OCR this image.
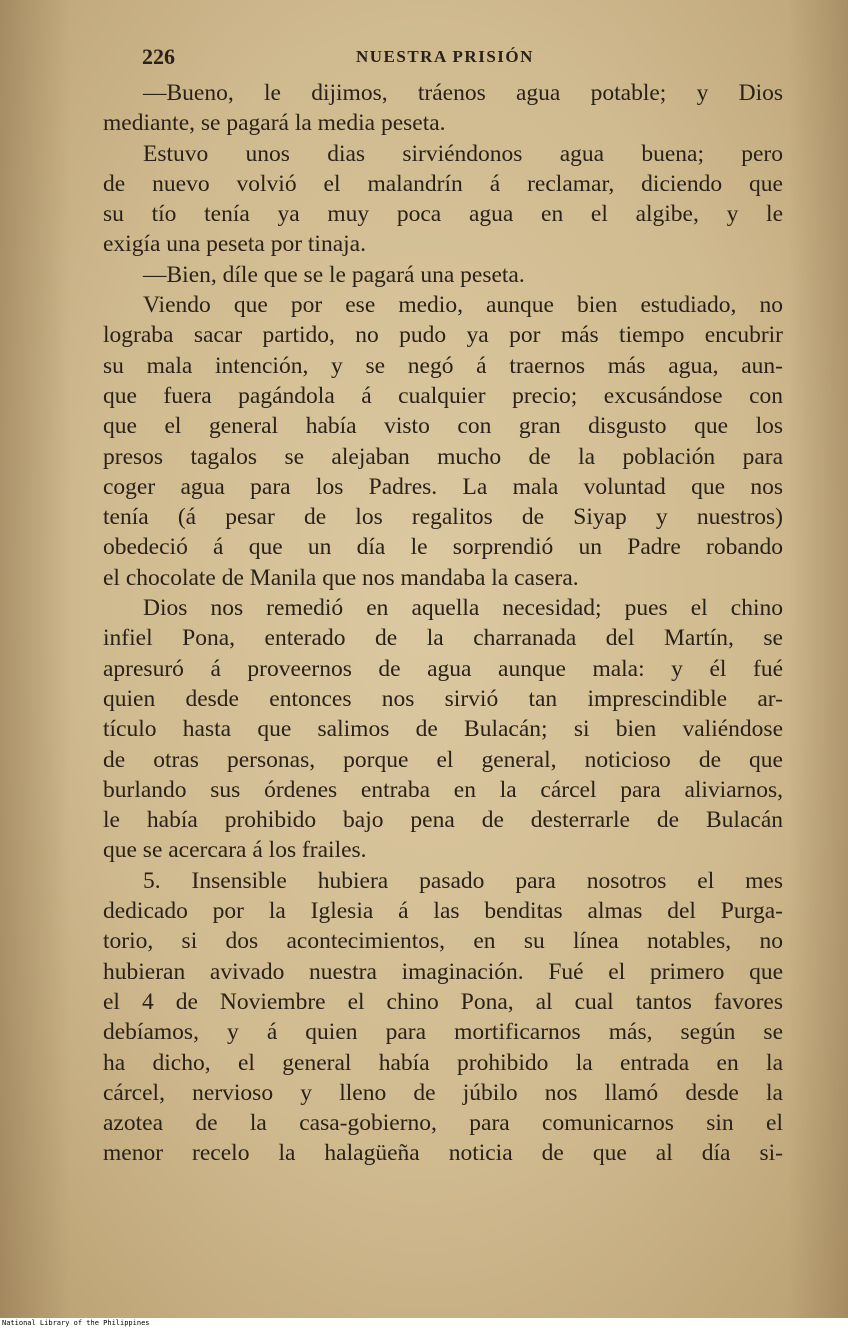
226	NUESTRA PRISIÓN
—Bueno, le dijimos, tráenos agua potable; y Dios
mediante, se pagará la media peseta.
Estuvo unos dias sirviéndonos agua buena; pero
de nuevo volvió el malandrín á reclamar, diciendo que
su tío tenía ya muy poca agua en el algibe, y le
exigía una peseta por tinaja.
—Bien, díle que se le pagará una peseta.
Viendo que por ese medio, aunque bien estudiado, no
lograba sacar partido, no pudo ya por más tiempo encubrir
su mala intención, y se negó á traernos más agua, aun-
que fuera pagándola á cualquier precio; excusándose con
que el general había visto con gran disgusto que los
presos tagalos se alejaban mucho de la población para
coger agua para los Padres. La mala voluntad que nos
tenía (á pesar de los regalitos de Siyap y nuestros)
obedeció á que un día le sorprendió un Padre robando
el chocolate de Manila que nos mandaba la casera.
Dios nos remedió en aquella necesidad; pues el chino
infiel Pona, enterado de la charranada del Martín, se
apresuró á proveernos de agua aunque mala: y él fué
quien desde entonces nos sirvió tan imprescindible ar-
tículo hasta que salimos de Bulacán; si bien valiéndose
de otras personas, porque el general, noticioso de que
burlando sus órdenes entraba en la cárcel para aliviarnos,
le había prohibido bajo pena de desterrarle de Bulacán
que se acercara á los frailes.
5. Insensible hubiera pasado para nosotros el mes
dedicado por la Iglesia á las benditas almas del Purga-
torio, si dos acontecimientos, en su línea notables, no
hubieran avivado nuestra imaginación. Fué el primero que
el 4 de Noviembre el chino Pona, al cual tantos favores
debíamos, y á quien para mortificarnos más, según se
ha dicho, el general había prohibido la entrada en la
cárcel, nervioso y lleno de júbilo nos llamó desde la
azotea de la casa-gobierno, para comunicarnos sin el
menor recelo la halagüeña noticia de que al día si-
National Library of the Philippines
